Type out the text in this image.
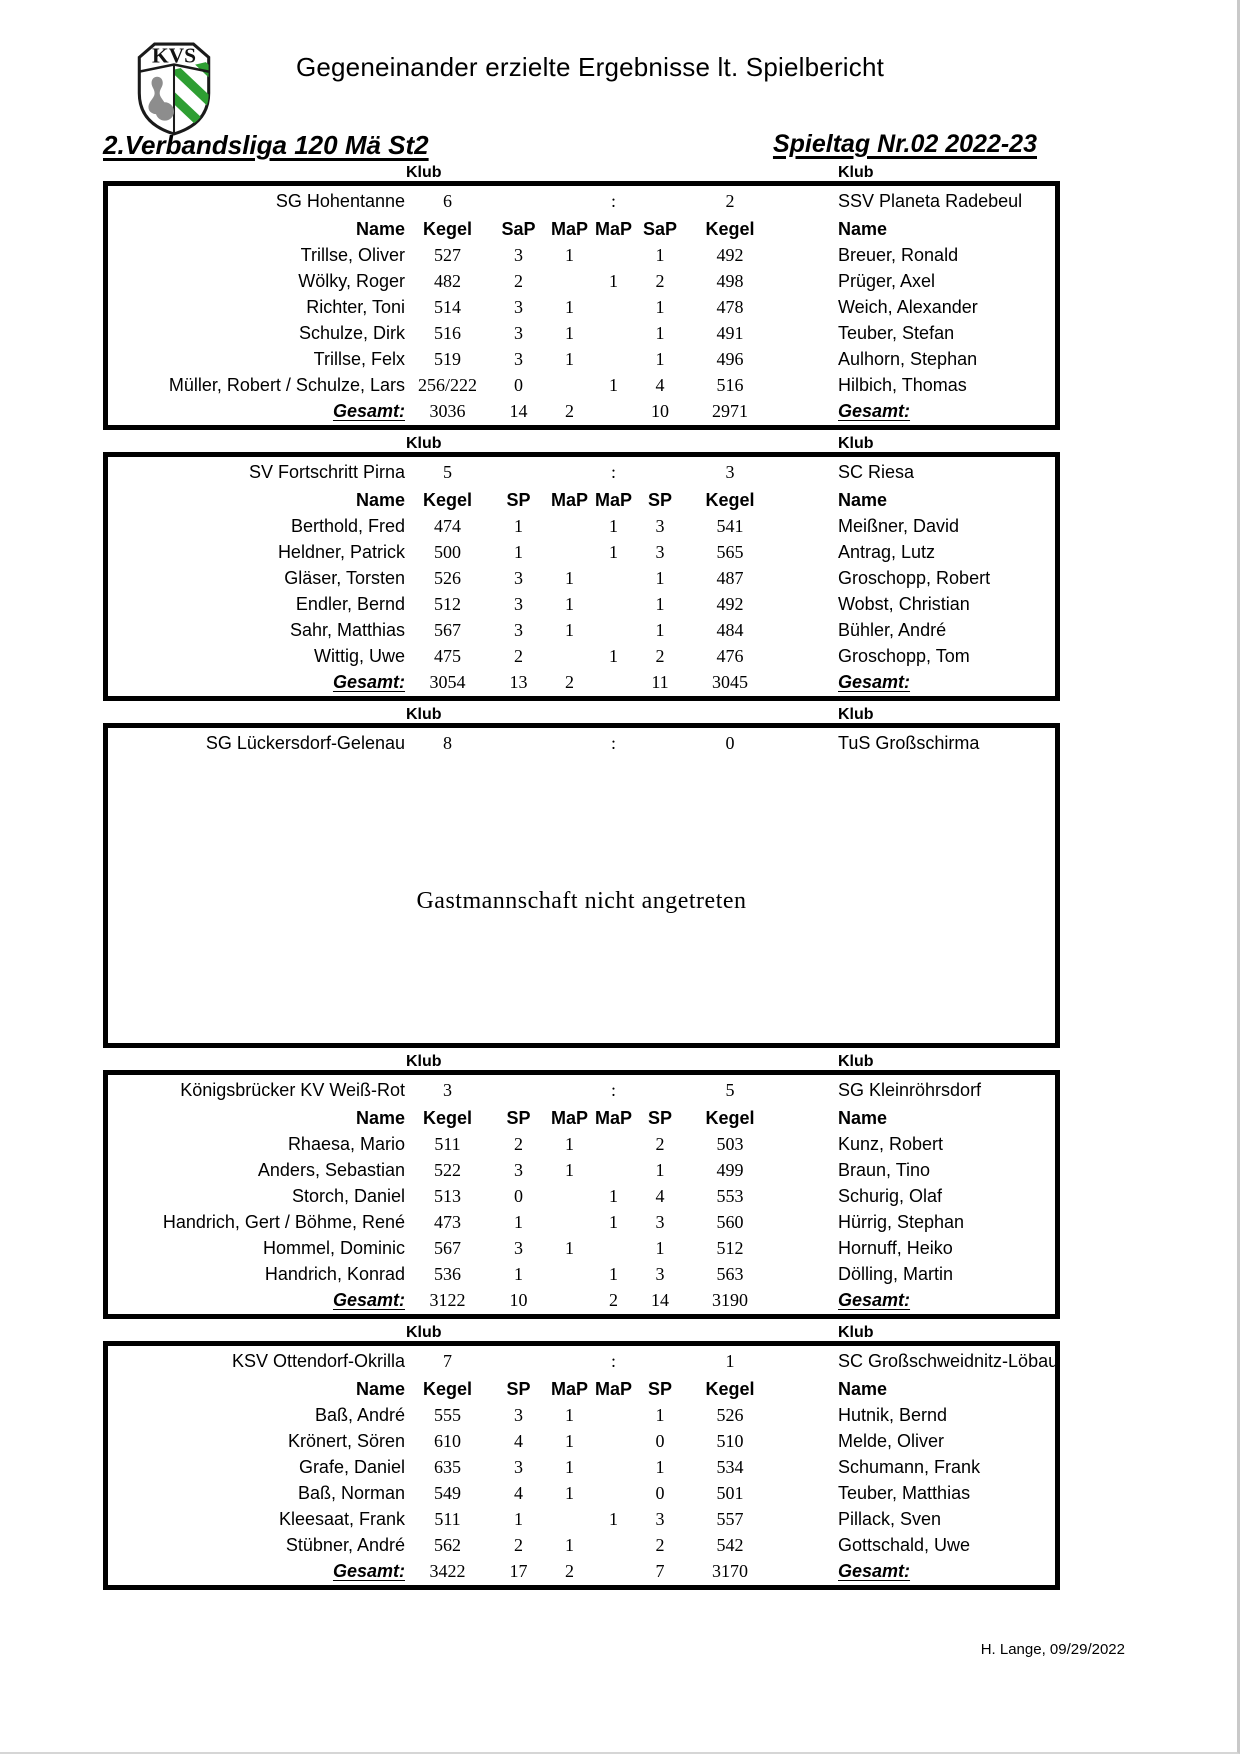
KVS	Gegeneinander erzielte Ergebnisse lt. Spielbericht
2.Verbandsliga 120 Mä St2	Spieltag Nr.02 2022-23
Klub	Klub
SG Hohentanne	6			:		2	SSV Planeta Radebeul
Name	Kegel	SaP	MaP	MaP	SaP	Kegel	Name
Trillse, Oliver	527	3	1		1	492	Breuer, Ronald
Wölky, Roger	482	2		1	2	498	Prüger, Axel
Richter, Toni	514	3	1		1	478	Weich, Alexander
Schulze, Dirk	516	3	1		1	491	Teuber, Stefan
Trillse, Felx	519	3	1		1	496	Aulhorn, Stephan
Müller, Robert / Schulze, Lars	256/222	0		1	4	516	Hilbich, Thomas
Gesamt:	3036	14	2		10	2971	Gesamt:
Klub	Klub
SV Fortschritt Pirna	5			:		3	SC Riesa
Name	Kegel	SP	MaP	MaP	SP	Kegel	Name
Berthold, Fred	474	1		1	3	541	Meißner, David
Heldner, Patrick	500	1		1	3	565	Antrag, Lutz
Gläser, Torsten	526	3	1		1	487	Groschopp, Robert
Endler, Bernd	512	3	1		1	492	Wobst, Christian
Sahr, Matthias	567	3	1		1	484	Bühler, André
Wittig, Uwe	475	2		1	2	476	Groschopp, Tom
Gesamt:	3054	13	2		11	3045	Gesamt:
Klub	Klub
SG Lückersdorf-Gelenau	8			:		0	TuS Großschirma
Gastmannschaft nicht angetreten
Klub	Klub
Königsbrücker KV Weiß-Rot	3			:		5	SG Kleinröhrsdorf
Name	Kegel	SP	MaP	MaP	SP	Kegel	Name
Rhaesa, Mario	511	2	1		2	503	Kunz, Robert
Anders, Sebastian	522	3	1		1	499	Braun, Tino
Storch, Daniel	513	0		1	4	553	Schurig, Olaf
Handrich, Gert / Böhme, René	473	1		1	3	560	Hürrig, Stephan
Hommel, Dominic	567	3	1		1	512	Hornuff, Heiko
Handrich, Konrad	536	1		1	3	563	Dölling, Martin
Gesamt:	3122	10		2	14	3190	Gesamt:
Klub	Klub
KSV Ottendorf-Okrilla	7			:		1	SC Großschweidnitz-Löbau
Name	Kegel	SP	MaP	MaP	SP	Kegel	Name
Baß, André	555	3	1		1	526	Hutnik, Bernd
Krönert, Sören	610	4	1		0	510	Melde, Oliver
Grafe, Daniel	635	3	1		1	534	Schumann, Frank
Baß, Norman	549	4	1		0	501	Teuber, Matthias
Kleesaat, Frank	511	1		1	3	557	Pillack, Sven
Stübner, André	562	2	1		2	542	Gottschald, Uwe
Gesamt:	3422	17	2		7	3170	Gesamt:
H. Lange, 09/29/2022
